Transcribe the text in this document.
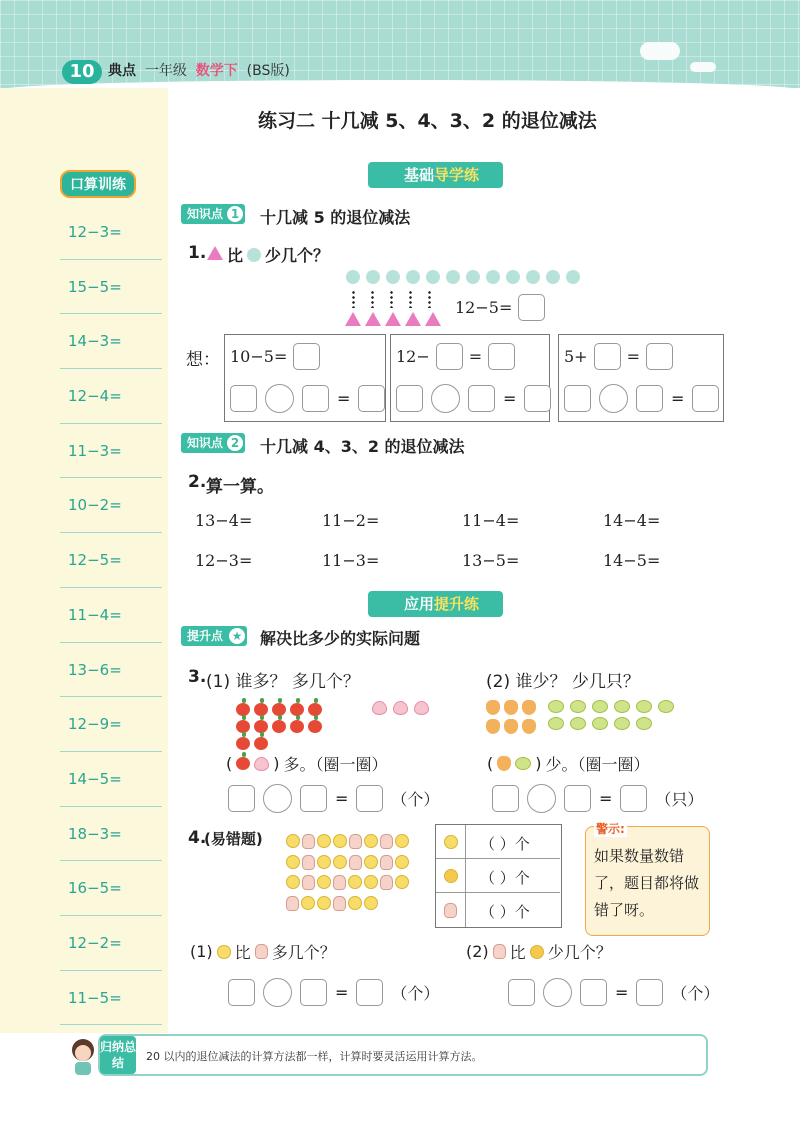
10 典点 一年级 数学下 (BS版)
口算训练
12−3=
15−5=
14−3=
12−4=
11−3=
10−2=
12−5=
11−4=
13−6=
12−9=
14−5=
18−3=
16−5=
12−2=
11−5=
练习二 十几减 5、4、3、2 的退位减法
基础导学练
知识点 1 十几减 5 的退位减法
1. 比 少几个？
12−5=
想： 10−5=
=
12− =
=
5+ =
=
知识点 2 十几减 4、3、2 的退位减法
2. 算一算。
13−4=	11−2=	11−4=	14−4=
12−3=	11−3=	13−5=	14−5=
应用提升练
提升点 ★ 解决比多少的实际问题
3. (1) 谁多？ 多几个？	(2) 谁少？ 少几只？
(	) 多。（圈一圈）	(	) 少。（圈一圈）
=	（个）	=	（只）
4.
(易错题)	（ ）个
（ ）个
（ ）个
如果数量数错了，题目都将做错了呀。
警示:
(1) 比 多几个？	(2) 比 少几个？
=	（个）	=	（个）
归纳总结	20 以内的退位减法的计算方法都一样，计算时要灵活运用计算方法。
